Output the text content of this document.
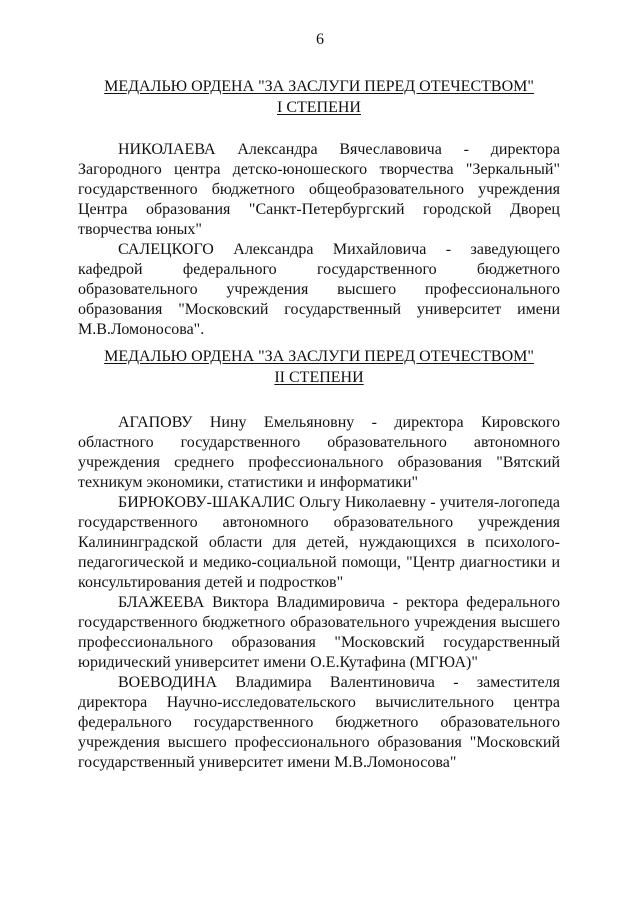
6

МЕДАЛЬЮ ОРДЕНА "ЗА ЗАСЛУГИ ПЕРЕД ОТЕЧЕСТВОМ"
I СТЕПЕНИ

НИКОЛАЕВА Александра Вячеславовича - директора Загородного центра детско-юношеского творчества "Зеркальный" государственного бюджетного общеобразовательного учреждения Центра образования "Санкт-Петербургский городской Дворец творчества юных"

САЛЕЦКОГО Александра Михайловича - заведующего кафедрой федерального государственного бюджетного образовательного учреждения высшего профессионального образования "Московский государственный университет имени М.В.Ломоносова".

МЕДАЛЬЮ ОРДЕНА "ЗА ЗАСЛУГИ ПЕРЕД ОТЕЧЕСТВОМ"
II СТЕПЕНИ

АГАПОВУ Нину Емельяновну - директора Кировского областного государственного образовательного автономного учреждения среднего профессионального образования "Вятский техникум экономики, статистики и информатики"

БИРЮКОВУ-ШАКАЛИС Ольгу Николаевну - учителя-логопеда государственного автономного образовательного учреждения Калининградской области для детей, нуждающихся в психолого-педагогической и медико-социальной помощи, "Центр диагностики и консультирования детей и подростков"

БЛАЖЕЕВА Виктора Владимировича - ректора федерального государственного бюджетного образовательного учреждения высшего профессионального образования "Московский государственный юридический университет имени О.Е.Кутафина (МГЮА)"

ВОЕВОДИНА Владимира Валентиновича - заместителя директора Научно-исследовательского вычислительного центра федерального государственного бюджетного образовательного учреждения высшего профессионального образования "Московский государственный университет имени М.В.Ломоносова"
